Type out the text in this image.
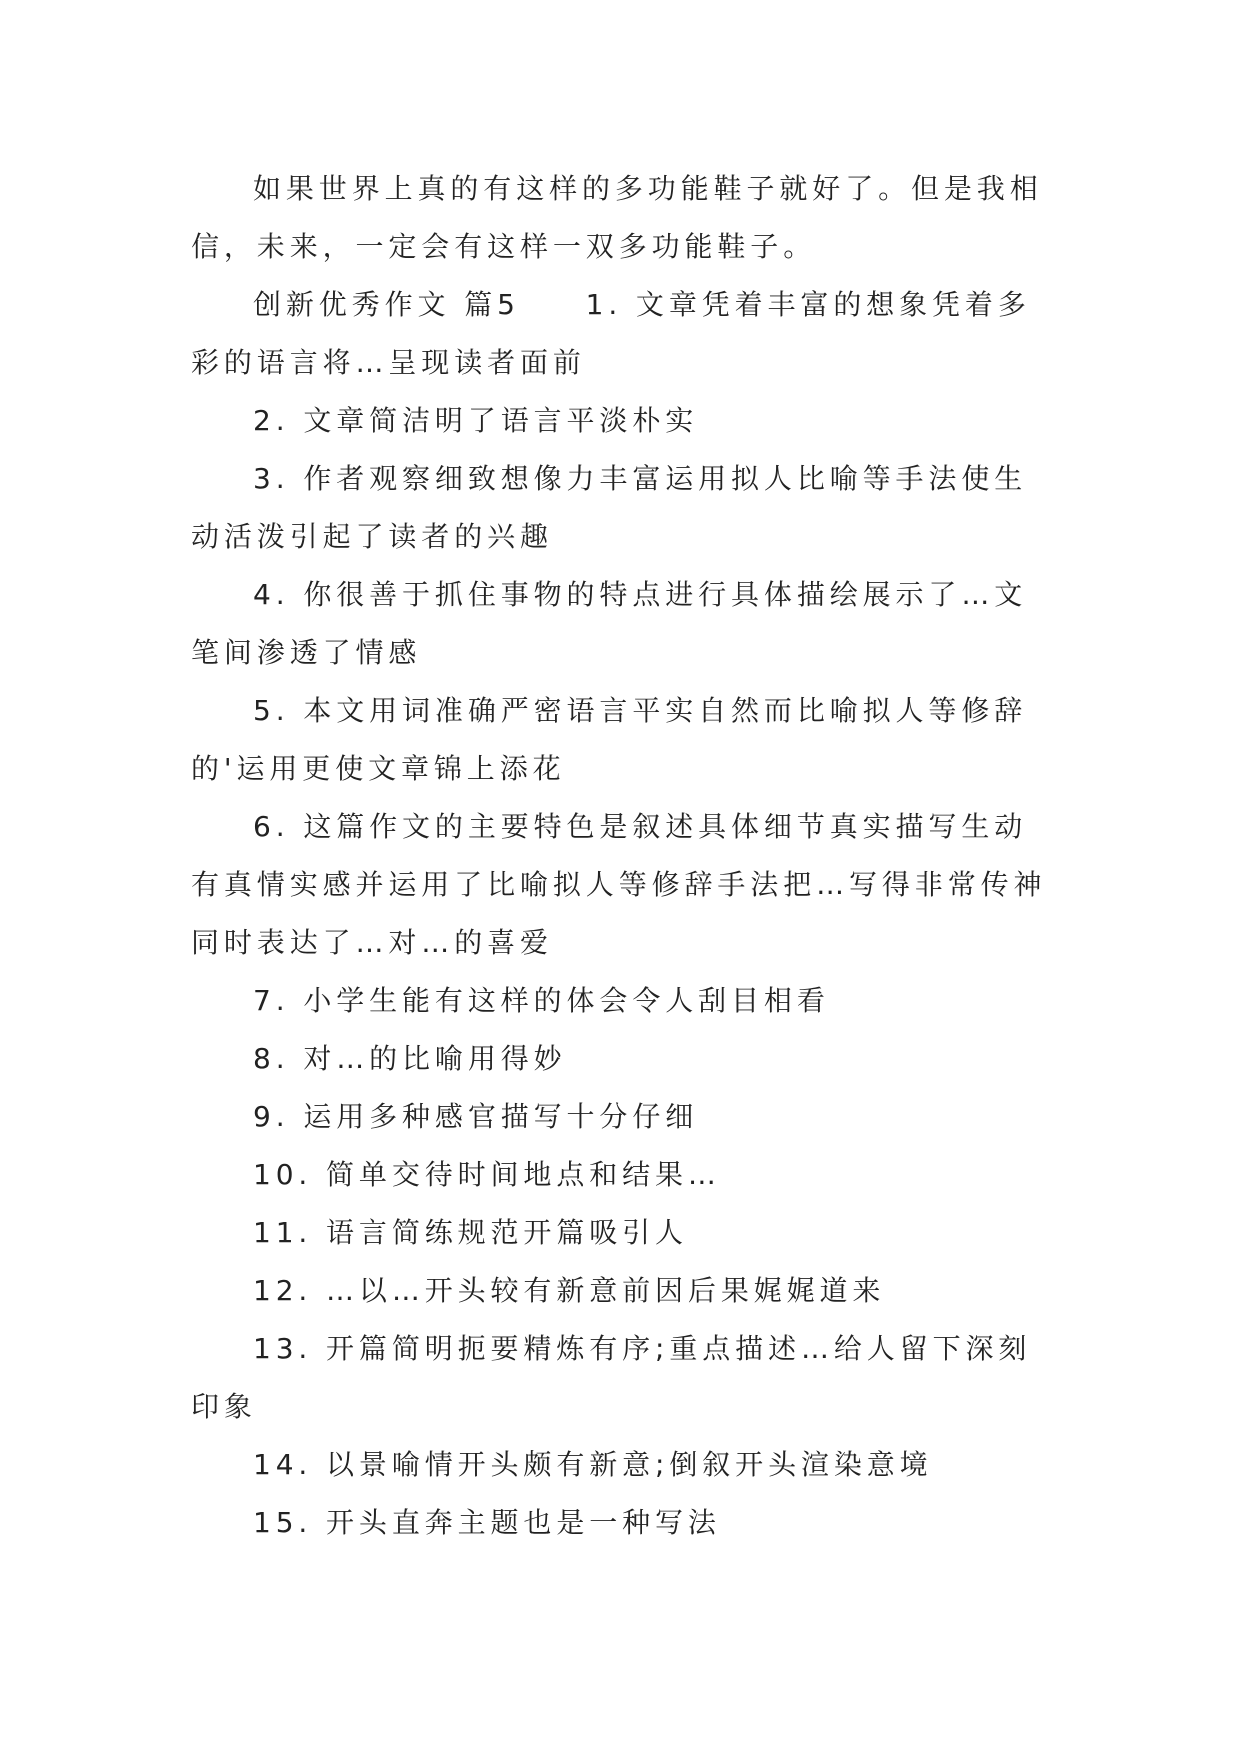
如果世界上真的有这样的多功能鞋子就好了。但是我相信，未来，一定会有这样一双多功能鞋子。

创新优秀作文 篇5　　1. 文章凭着丰富的想象凭着多彩的语言将…呈现读者面前

2. 文章简洁明了语言平淡朴实

3. 作者观察细致想像力丰富运用拟人比喻等手法使生动活泼引起了读者的兴趣

4. 你很善于抓住事物的特点进行具体描绘展示了…文笔间渗透了情感

5. 本文用词准确严密语言平实自然而比喻拟人等修辞的'运用更使文章锦上添花

6. 这篇作文的主要特色是叙述具体细节真实描写生动有真情实感并运用了比喻拟人等修辞手法把…写得非常传神同时表达了…对…的喜爱

7. 小学生能有这样的体会令人刮目相看

8. 对…的比喻用得妙

9. 运用多种感官描写十分仔细

10. 简单交待时间地点和结果…

11. 语言简练规范开篇吸引人

12. …以…开头较有新意前因后果娓娓道来

13. 开篇简明扼要精炼有序;重点描述…给人留下深刻印象

14. 以景喻情开头颇有新意;倒叙开头渲染意境

15. 开头直奔主题也是一种写法
